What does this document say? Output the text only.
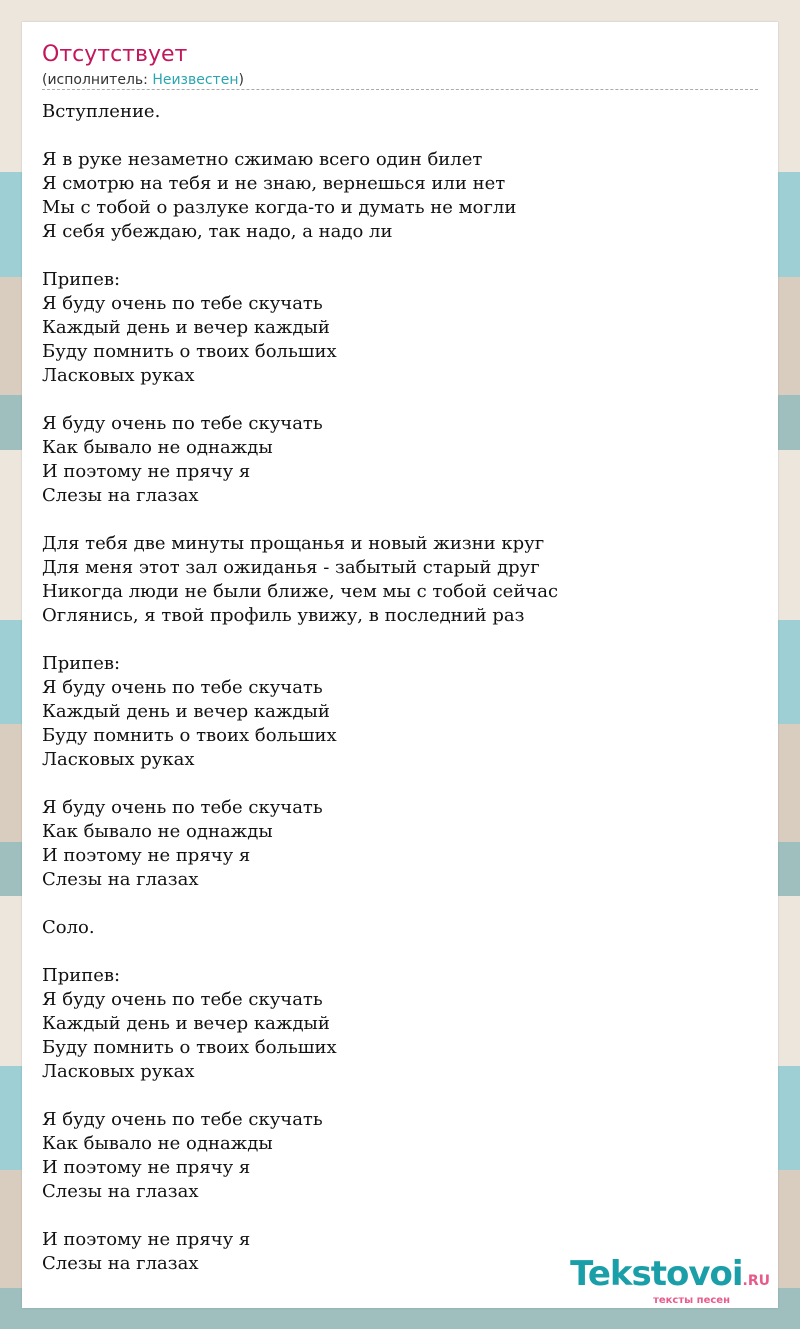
Отсутствует
(исполнитель: Неизвестен)
Вступление.

Я в руке незаметно сжимаю всего один билет
Я смотрю на тебя и не знаю, вернешься или нет
Мы с тобой о разлуке когда-то и думать не могли
Я себя убеждаю, так надо, а надо ли

Припев:
Я буду очень по тебе скучать
Каждый день и вечер каждый
Буду помнить о твоих больших
Ласковых руках

Я буду очень по тебе скучать
Как бывало не однажды
И поэтому не прячу я
Слезы на глазах

Для тебя две минуты прощанья и новый жизни круг
Для меня этот зал ожиданья - забытый старый друг
Никогда люди не были ближе, чем мы с тобой сейчас
Оглянись, я твой профиль увижу, в последний раз

Припев:
Я буду очень по тебе скучать
Каждый день и вечер каждый
Буду помнить о твоих больших
Ласковых руках

Я буду очень по тебе скучать
Как бывало не однажды
И поэтому не прячу я
Слезы на глазах

Соло.

Припев:
Я буду очень по тебе скучать
Каждый день и вечер каждый
Буду помнить о твоих больших
Ласковых руках

Я буду очень по тебе скучать
Как бывало не однажды
И поэтому не прячу я
Слезы на глазах

И поэтому не прячу я
Слезы на глазах	Tekstovoi.RU
тексты песен
